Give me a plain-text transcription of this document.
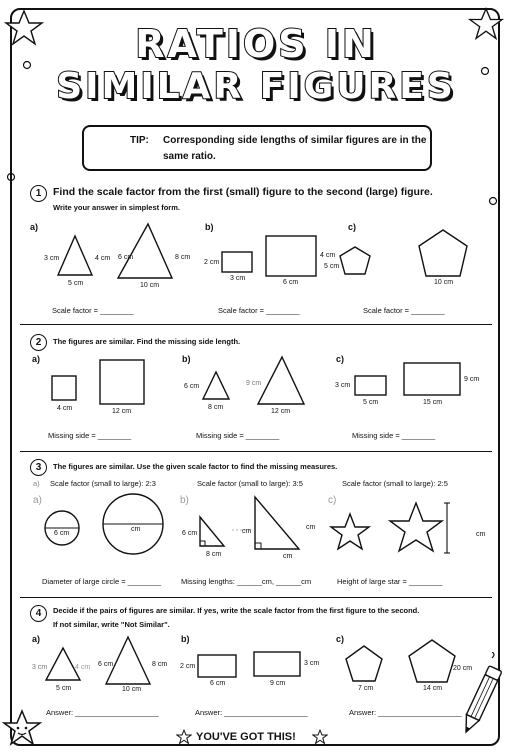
RATIOS IN
SIMILAR FIGURES
TIP: Corresponding side lengths of similar figures are in the
same ratio.
1	Find the scale factor from the first (small) figure to the second (large) figure.
Write your answer in simplest form.
a)	b)	c)
3 cm	4 cm
5 cm
6 cm	8 cm
10 cm
2 cm
3 cm
4 cm
6 cm
5 cm
10 cm
Scale factor = ________	Scale factor = ________	Scale factor = ________
2	The figures are similar. Find the missing side length.
a)	b)	c)
4 cm	12 cm
6 cm
8 cm
9 cm
12 cm
3 cm
5 cm
9 cm
15 cm
Missing side = ________	Missing side = ________	Missing side = ________
3	The figures are similar. Use the given scale factor to find the missing measures.
a) Scale factor (small to large): 2:3	Scale factor (small to large): 3:5	Scale factor (small to large): 2:5
a)	b)	c)
6 cm
cm
6 cm
8 cm
cm
cm
cm
cm
Diameter of large circle = ________	Missing lengths: ______cm, ______cm	Height of large star = ________
4	Decide if the pairs of figures are similar. If yes, write the scale factor from the first figure to the second.
If not similar, write "Not Similar".
a)	b)	c)
3 cm	4 cm
5 cm
6 cm	8 cm
10 cm
2 cm
6 cm
3 cm
9 cm
7 cm
20 cm
14 cm
Answer: ____________________	Answer: ____________________	Answer: ____________________
YOU'VE GOT THIS!
